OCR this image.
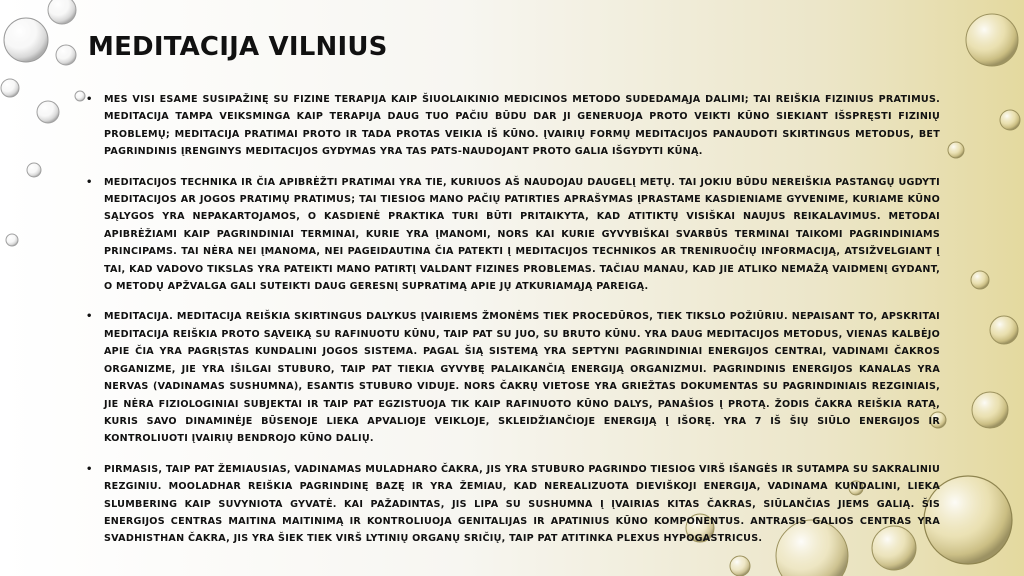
MEDITACIJA VILNIUS
• MES VISI ESAME SUSIPAŽINĘ SU FIZINE TERAPIJA KAIP ŠIUOLAIKINIO MEDICINOS METODO SUDEDAMĄJA DALIMI; TAI REIŠKIA FIZINIUS PRATIMUS. MEDITACIJA TAMPA VEIKSMINGA KAIP TERAPIJA DAUG TUO PAČIU BŪDU DAR JI GENERUOJA PROTO VEIKTI KŪNO SIEKIANT IŠSPRĘSTI FIZINIŲ PROBLEMŲ; MEDITACIJA PRATIMAI PROTO IR TADA PROTAS VEIKIA IŠ KŪNO. ĮVAIRIŲ FORMŲ MEDITACIJOS PANAUDOTI SKIRTINGUS METODUS, BET PAGRINDINIS ĮRENGINYS MEDITACIJOS GYDYMAS YRA TAS PATS-NAUDOJANT PROTO GALIA IŠGYDYTI KŪNĄ.
• MEDITACIJOS TECHNIKA IR ČIA APIBRĖŽTI PRATIMAI YRA TIE, KURIUOS AŠ NAUDOJAU DAUGELĮ METŲ. TAI JOKIU BŪDU NEREIŠKIA PASTANGŲ UGDYTI MEDITACIJOS AR JOGOS PRATIMŲ PRATIMUS; TAI TIESIOG MANO PAČIŲ PATIRTIES APRAŠYMAS ĮPRASTAME KASDIENIAME GYVENIME, KURIAME KŪNO SĄLYGOS YRA NEPAKARTOJAMOS, O KASDIENĖ PRAKTIKA TURI BŪTI PRITAIKYTA, KAD ATITIKTŲ VISIŠKAI NAUJUS REIKALAVIMUS. METODAI APIBRĖŽIAMI KAIP PAGRINDINIAI TERMINAI, KURIE YRA ĮMANOMI, NORS KAI KURIE GYVYBIŠKAI SVARBŪS TERMINAI TAIKOMI PAGRINDINIAMS PRINCIPAMS. TAI NĖRA NEI ĮMANOMA, NEI PAGEIDAUTINA ČIA PATEKTI Į MEDITACIJOS TECHNIKOS AR TRENIRUOČIŲ INFORMACIJĄ, ATSIŽVELGIANT Į TAI, KAD VADOVO TIKSLAS YRA PATEIKTI MANO PATIRTĮ VALDANT FIZINES PROBLEMAS. TAČIAU MANAU, KAD JIE ATLIKO NEMAŽĄ VAIDMENĮ GYDANT, O METODŲ APŽVALGA GALI SUTEIKTI DAUG GERESNĮ SUPRATIMĄ APIE JŲ ATKURIAMĄJĄ PAREIGĄ.
• MEDITACIJA. MEDITACIJA REIŠKIA SKIRTINGUS DALYKUS ĮVAIRIEMS ŽMONĖMS TIEK PROCEDŪROS, TIEK TIKSLO POŽIŪRIU. NEPAISANT TO, APSKRITAI MEDITACIJA REIŠKIA PROTO SĄVEIKĄ SU RAFINUOTU KŪNU, TAIP PAT SU JUO, SU BRUTO KŪNU. YRA DAUG MEDITACIJOS METODUS, VIENAS KALBĖJO APIE ČIA YRA PAGRĮSTAS KUNDALINI JOGOS SISTEMA. PAGAL ŠIĄ SISTEMĄ YRA SEPTYNI PAGRINDINIAI ENERGIJOS CENTRAI, VADINAMI ČAKROS ORGANIZME, JIE YRA IŠILGAI STUBURO, TAIP PAT TIEKIA GYVYBĘ PALAIKANČIĄ ENERGIJĄ ORGANIZMUI. PAGRINDINIS ENERGIJOS KANALAS YRA NERVAS (VADINAMAS SUSHUMNA), ESANTIS STUBURO VIDUJE. NORS ČAKRŲ VIETOSE YRA GRIEŽTAS DOKUMENTAS SU PAGRINDINIAIS REZGINIAIS, JIE NĖRA FIZIOLOGINIAI SUBJEKTAI IR TAIP PAT EGZISTUOJA TIK KAIP RAFINUOTO KŪNO DALYS, PANAŠIOS Į PROTĄ. ŽODIS ČAKRA REIŠKIA RATĄ, KURIS SAVO DINAMINĖJE BŪSENOJE LIEKA APVALIOJE VEIKLOJE, SKLEIDŽIANČIOJE ENERGIJĄ Į IŠORĘ. YRA 7 IŠ ŠIŲ SIŪLO ENERGIJOS IR KONTROLIUOTI ĮVAIRIŲ BENDROJO KŪNO DALIŲ.
• PIRMASIS, TAIP PAT ŽEMIAUSIAS, VADINAMAS MULADHARO ČAKRA, JIS YRA STUBURO PAGRINDO TIESIOG VIRŠ IŠANGĖS IR SUTAMPA SU SAKRALINIU REZGINIU. MOOLADHAR REIŠKIA PAGRINDINĘ BAZĘ IR YRA ŽEMIAU, KAD NEREALIZUOTA DIEVIŠKOJI ENERGIJA, VADINAMA KUNDALINI, LIEKA SLUMBERING KAIP SUVYNIOTA GYVATĖ. KAI PAŽADINTAS, JIS LIPA SU SUSHUMNA Į ĮVAIRIAS KITAS ČAKRAS, SIŪLANČIAS JIEMS GALIĄ. ŠIS ENERGIJOS CENTRAS MAITINA MAITINIMĄ IR KONTROLIUOJA GENITALIJAS IR APATINIUS KŪNO KOMPONENTUS. ANTRASIS GALIOS CENTRAS YRA SVADHISTHAN ČAKRA, JIS YRA ŠIEK TIEK VIRŠ LYTINIŲ ORGANŲ SRIČIŲ, TAIP PAT ATITINKA PLEXUS HYPOGASTRICUS.
